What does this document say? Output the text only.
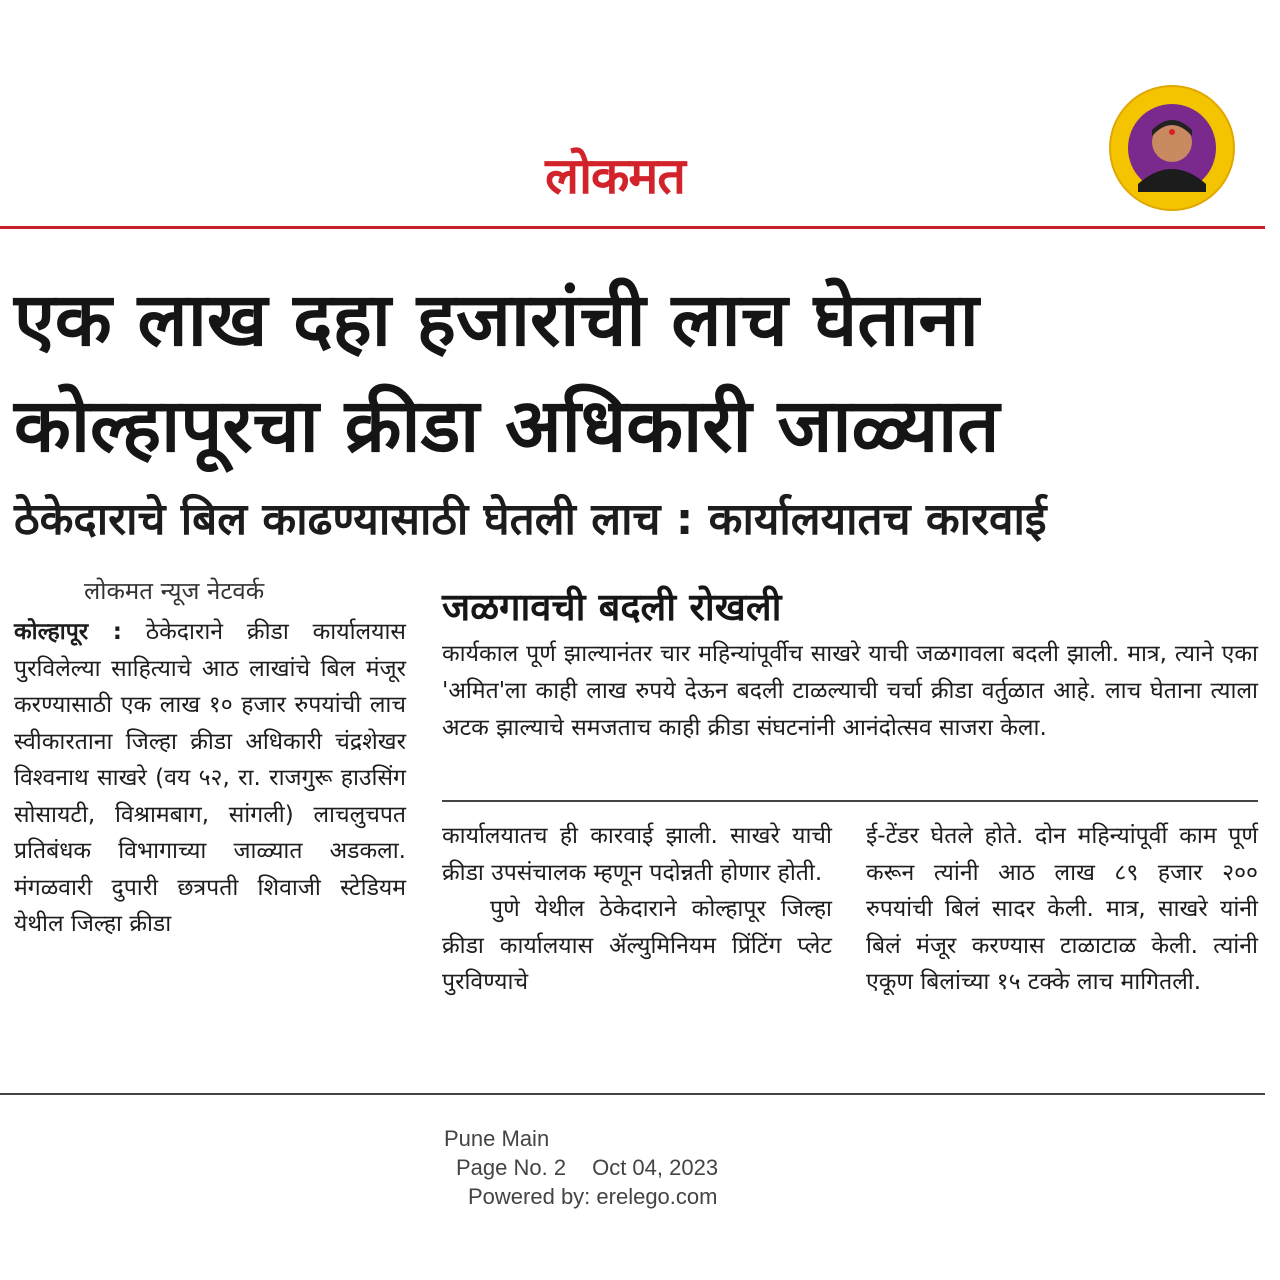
लोकमत
एक लाख दहा हजारांची लाच घेताना
कोल्हापूरचा क्रीडा अधिकारी जाळ्यात
ठेकेदाराचे बिल काढण्यासाठी घेतली लाच : कार्यालयातच कारवाई
लोकमत न्यूज नेटवर्क
कोल्हापूर : ठेकेदाराने क्रीडा कार्यालयास पुरविलेल्या साहित्याचे आठ लाखांचे बिल मंजूर करण्यासाठी एक लाख १० हजार रुपयांची लाच स्वीकारताना जिल्हा क्रीडा अधिकारी चंद्रशेखर विश्वनाथ साखरे (वय ५२, रा. राजगुरू हाउसिंग सोसायटी, विश्रामबाग, सांगली) लाचलुचपत प्रतिबंधक विभागाच्या जाळ्यात अडकला. मंगळवारी दुपारी छत्रपती शिवाजी स्टेडियम येथील जिल्हा क्रीडा
जळगावची बदली रोखली
कार्यकाल पूर्ण झाल्यानंतर चार महिन्यांपूर्वीच साखरे याची जळगावला बदली झाली. मात्र, त्याने एका 'अमित'ला काही लाख रुपये देऊन बदली टाळल्याची चर्चा क्रीडा वर्तुळात आहे. लाच घेताना त्याला अटक झाल्याचे समजताच काही क्रीडा संघटनांनी आनंदोत्सव साजरा केला.
कार्यालयातच ही कारवाई झाली. साखरे याची क्रीडा उपसंचालक म्हणून पदोन्नती होणार होती.
पुणे येथील ठेकेदाराने कोल्हापूर जिल्हा क्रीडा कार्यालयास ॲल्युमिनियम प्रिंटिंग प्लेट पुरविण्याचे
ई-टेंडर घेतले होते. दोन महिन्यांपूर्वी काम पूर्ण करून त्यांनी आठ लाख ८९ हजार २०० रुपयांची बिलं सादर केली. मात्र, साखरे यांनी बिलं मंजूर करण्यास टाळाटाळ केली. त्यांनी एकूण बिलांच्या १५ टक्के लाच मागितली.
Pune Main
Page No. 2 Oct 04, 2023
Powered by: erelego.com
